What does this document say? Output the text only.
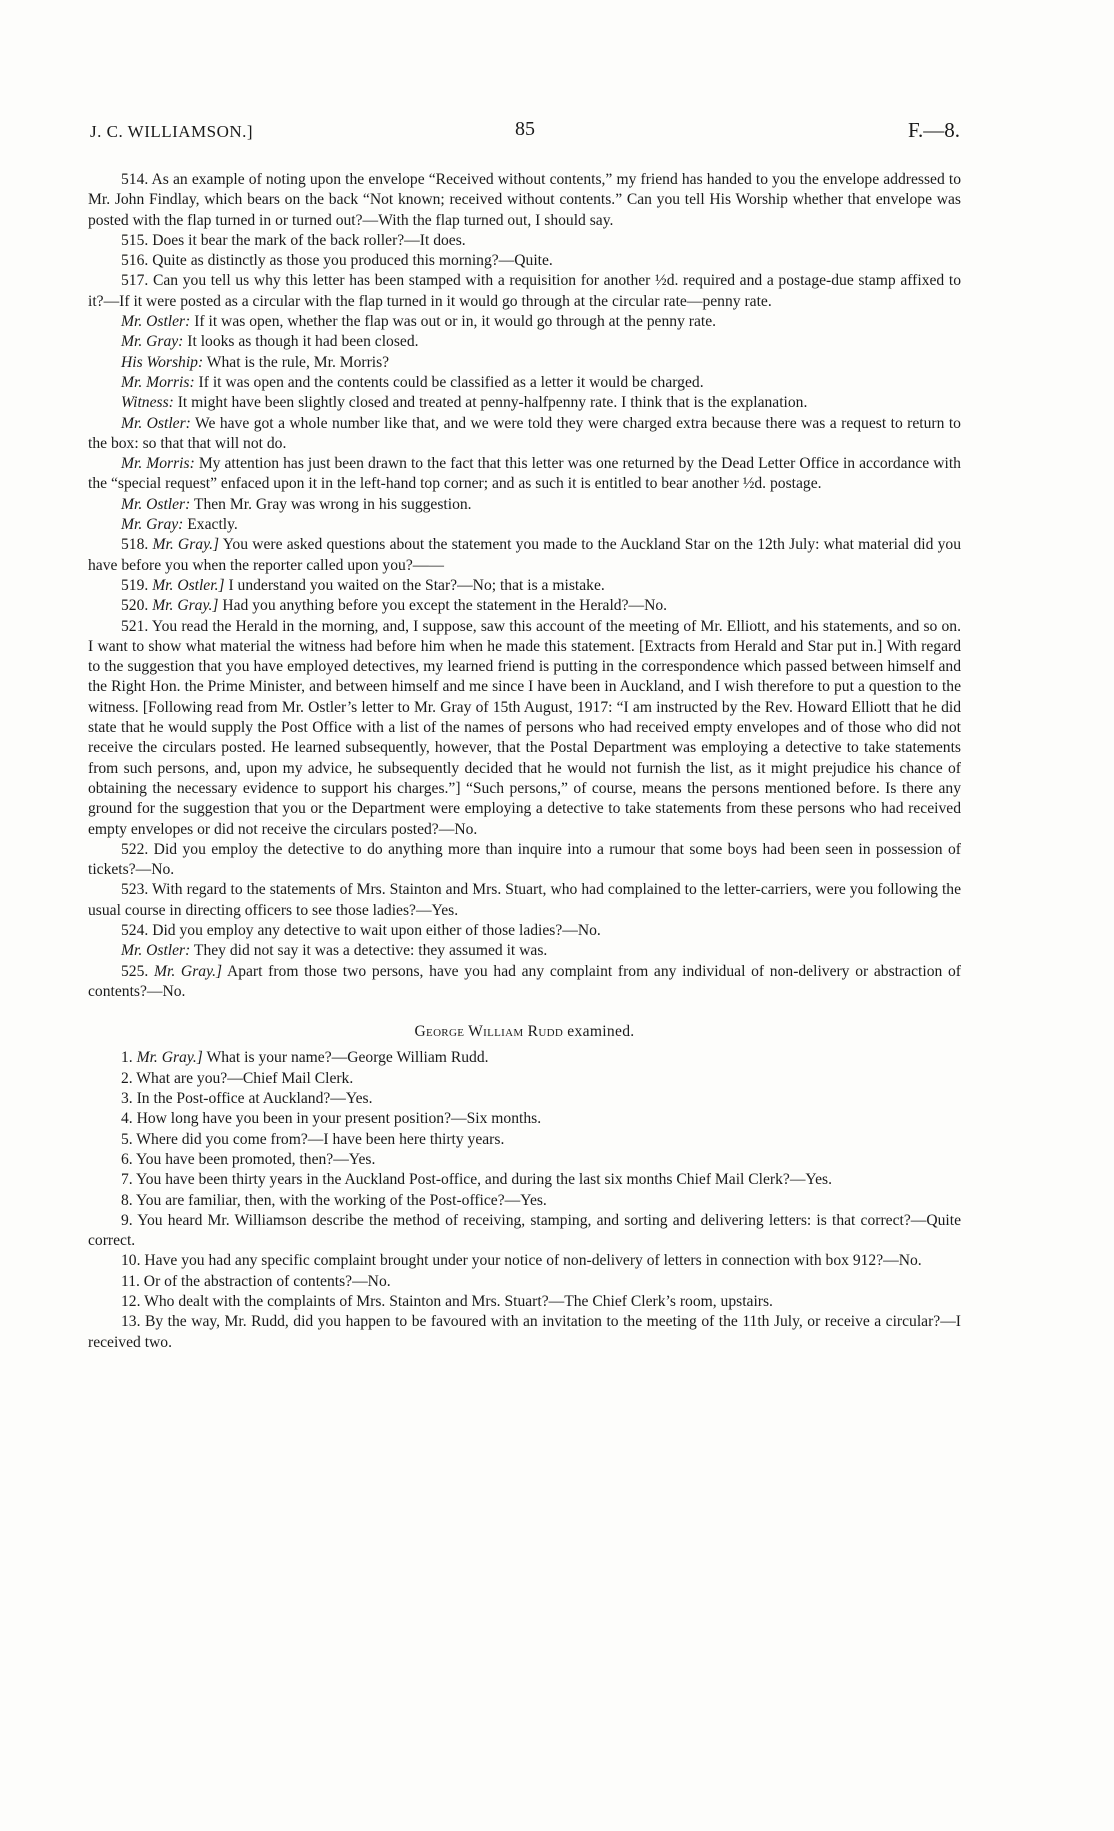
J. C. WILLIAMSON.]	85	F.—8.

514. As an example of noting upon the envelope “Received without contents,” my friend has handed to you the envelope addressed to Mr. John Findlay, which bears on the back “Not known; received without contents.” Can you tell His Worship whether that envelope was posted with the flap turned in or turned out?—With the flap turned out, I should say.

515. Does it bear the mark of the back roller?—It does.

516. Quite as distinctly as those you produced this morning?—Quite.

517. Can you tell us why this letter has been stamped with a requisition for another ½d. required and a postage-due stamp affixed to it?—If it were posted as a circular with the flap turned in it would go through at the circular rate—penny rate.

Mr. Ostler: If it was open, whether the flap was out or in, it would go through at the penny rate.

Mr. Gray: It looks as though it had been closed.

His Worship: What is the rule, Mr. Morris?

Mr. Morris: If it was open and the contents could be classified as a letter it would be charged.

Witness: It might have been slightly closed and treated at penny-halfpenny rate. I think that is the explanation.

Mr. Ostler: We have got a whole number like that, and we were told they were charged extra because there was a request to return to the box: so that that will not do.

Mr. Morris: My attention has just been drawn to the fact that this letter was one returned by the Dead Letter Office in accordance with the “special request” enfaced upon it in the left-hand top corner; and as such it is entitled to bear another ½d. postage.

Mr. Ostler: Then Mr. Gray was wrong in his suggestion.

Mr. Gray: Exactly.

518. Mr. Gray.] You were asked questions about the statement you made to the Auckland Star on the 12th July: what material did you have before you when the reporter called upon you?——

519. Mr. Ostler.] I understand you waited on the Star?—No; that is a mistake.

520. Mr. Gray.] Had you anything before you except the statement in the Herald?—No.

521. You read the Herald in the morning, and, I suppose, saw this account of the meeting of Mr. Elliott, and his statements, and so on. I want to show what material the witness had before him when he made this statement. [Extracts from Herald and Star put in.] With regard to the suggestion that you have employed detectives, my learned friend is putting in the correspondence which passed between himself and the Right Hon. the Prime Minister, and between himself and me since I have been in Auckland, and I wish therefore to put a question to the witness. [Following read from Mr. Ostler’s letter to Mr. Gray of 15th August, 1917: “I am instructed by the Rev. Howard Elliott that he did state that he would supply the Post Office with a list of the names of persons who had received empty envelopes and of those who did not receive the circulars posted. He learned subsequently, however, that the Postal Department was employing a detective to take statements from such persons, and, upon my advice, he subsequently decided that he would not furnish the list, as it might prejudice his chance of obtaining the necessary evidence to support his charges.”] “Such persons,” of course, means the persons mentioned before. Is there any ground for the suggestion that you or the Department were employing a detective to take statements from these persons who had received empty envelopes or did not receive the circulars posted?—No.

522. Did you employ the detective to do anything more than inquire into a rumour that some boys had been seen in possession of tickets?—No.

523. With regard to the statements of Mrs. Stainton and Mrs. Stuart, who had complained to the letter-carriers, were you following the usual course in directing officers to see those ladies?—Yes.

524. Did you employ any detective to wait upon either of those ladies?—No.

Mr. Ostler: They did not say it was a detective: they assumed it was.

525. Mr. Gray.] Apart from those two persons, have you had any complaint from any individual of non-delivery or abstraction of contents?—No.

George William Rudd examined.

1. Mr. Gray.] What is your name?—George William Rudd.

2. What are you?—Chief Mail Clerk.

3. In the Post-office at Auckland?—Yes.

4. How long have you been in your present position?—Six months.

5. Where did you come from?—I have been here thirty years.

6. You have been promoted, then?—Yes.

7. You have been thirty years in the Auckland Post-office, and during the last six months Chief Mail Clerk?—Yes.

8. You are familiar, then, with the working of the Post-office?—Yes.

9. You heard Mr. Williamson describe the method of receiving, stamping, and sorting and delivering letters: is that correct?—Quite correct.

10. Have you had any specific complaint brought under your notice of non-delivery of letters in connection with box 912?—No.

11. Or of the abstraction of contents?—No.

12. Who dealt with the complaints of Mrs. Stainton and Mrs. Stuart?—The Chief Clerk’s room, upstairs.

13. By the way, Mr. Rudd, did you happen to be favoured with an invitation to the meeting of the 11th July, or receive a circular?—I received two.
